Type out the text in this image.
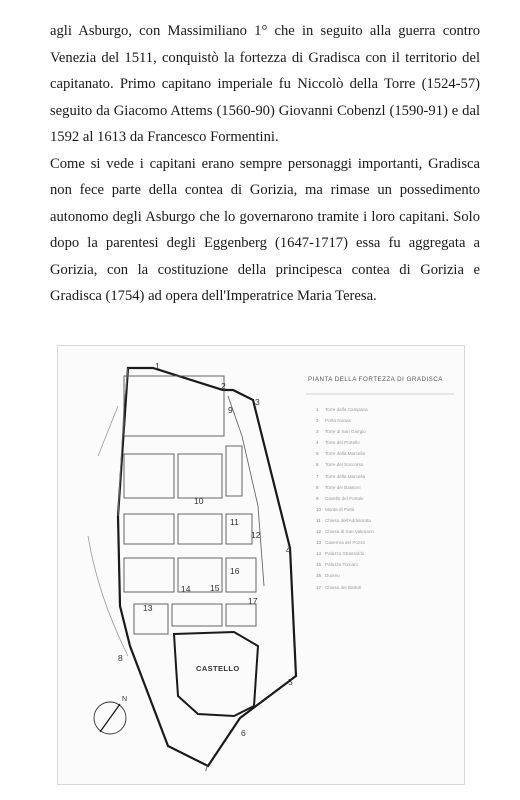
agli Asburgo, con Massimiliano 1° che in seguito alla guerra contro Venezia del 1511, conquistò la fortezza di Gradisca con il territorio del capitanato. Primo capitano imperiale fu Niccolò della Torre (1524-57) seguito da Giacomo Attems (1560-90) Giovanni Cobenzl (1590-91) e dal 1592 al 1613 da Francesco Formentini.

Come si vede i capitani erano sempre personaggi importanti, Gradisca non fece parte della contea di Gorizia, ma rimase un possedimento autonomo degli Asburgo che lo governarono tramite i loro capitani. Solo dopo la parentesi degli Eggenberg (1647-1717) essa fu aggregata a Gorizia, con la costituzione della principesca contea di Gorizia e Gradisca (1754) ad opera dell'Imperatrice Maria Teresa.

PIANTA DELLA FORTEZZA DI GRADISCA
1 Torre della Campana
2 Porta Nuova
3 Torre di San Giorgio
4 Torre del Portello
5 Torre della Marcella
6 Torre del Soccorso
7 Torre della Marcella
8 Torre dei Bastioni
9 Casello del Portale
10 Monte di Pietà
11 Chiesa dell'Addolorata
12 Chiesa di San Valeriano
13 Caserma del Pozzo
14 Palazzo Strassoldo
15 Palazzo Torriani
16 Duomo
17 Chiesa dei Battuti
CASTELLO
N
1
2
3
9
4
10
11
12
16
14 15
13
17
8
5
6
7
